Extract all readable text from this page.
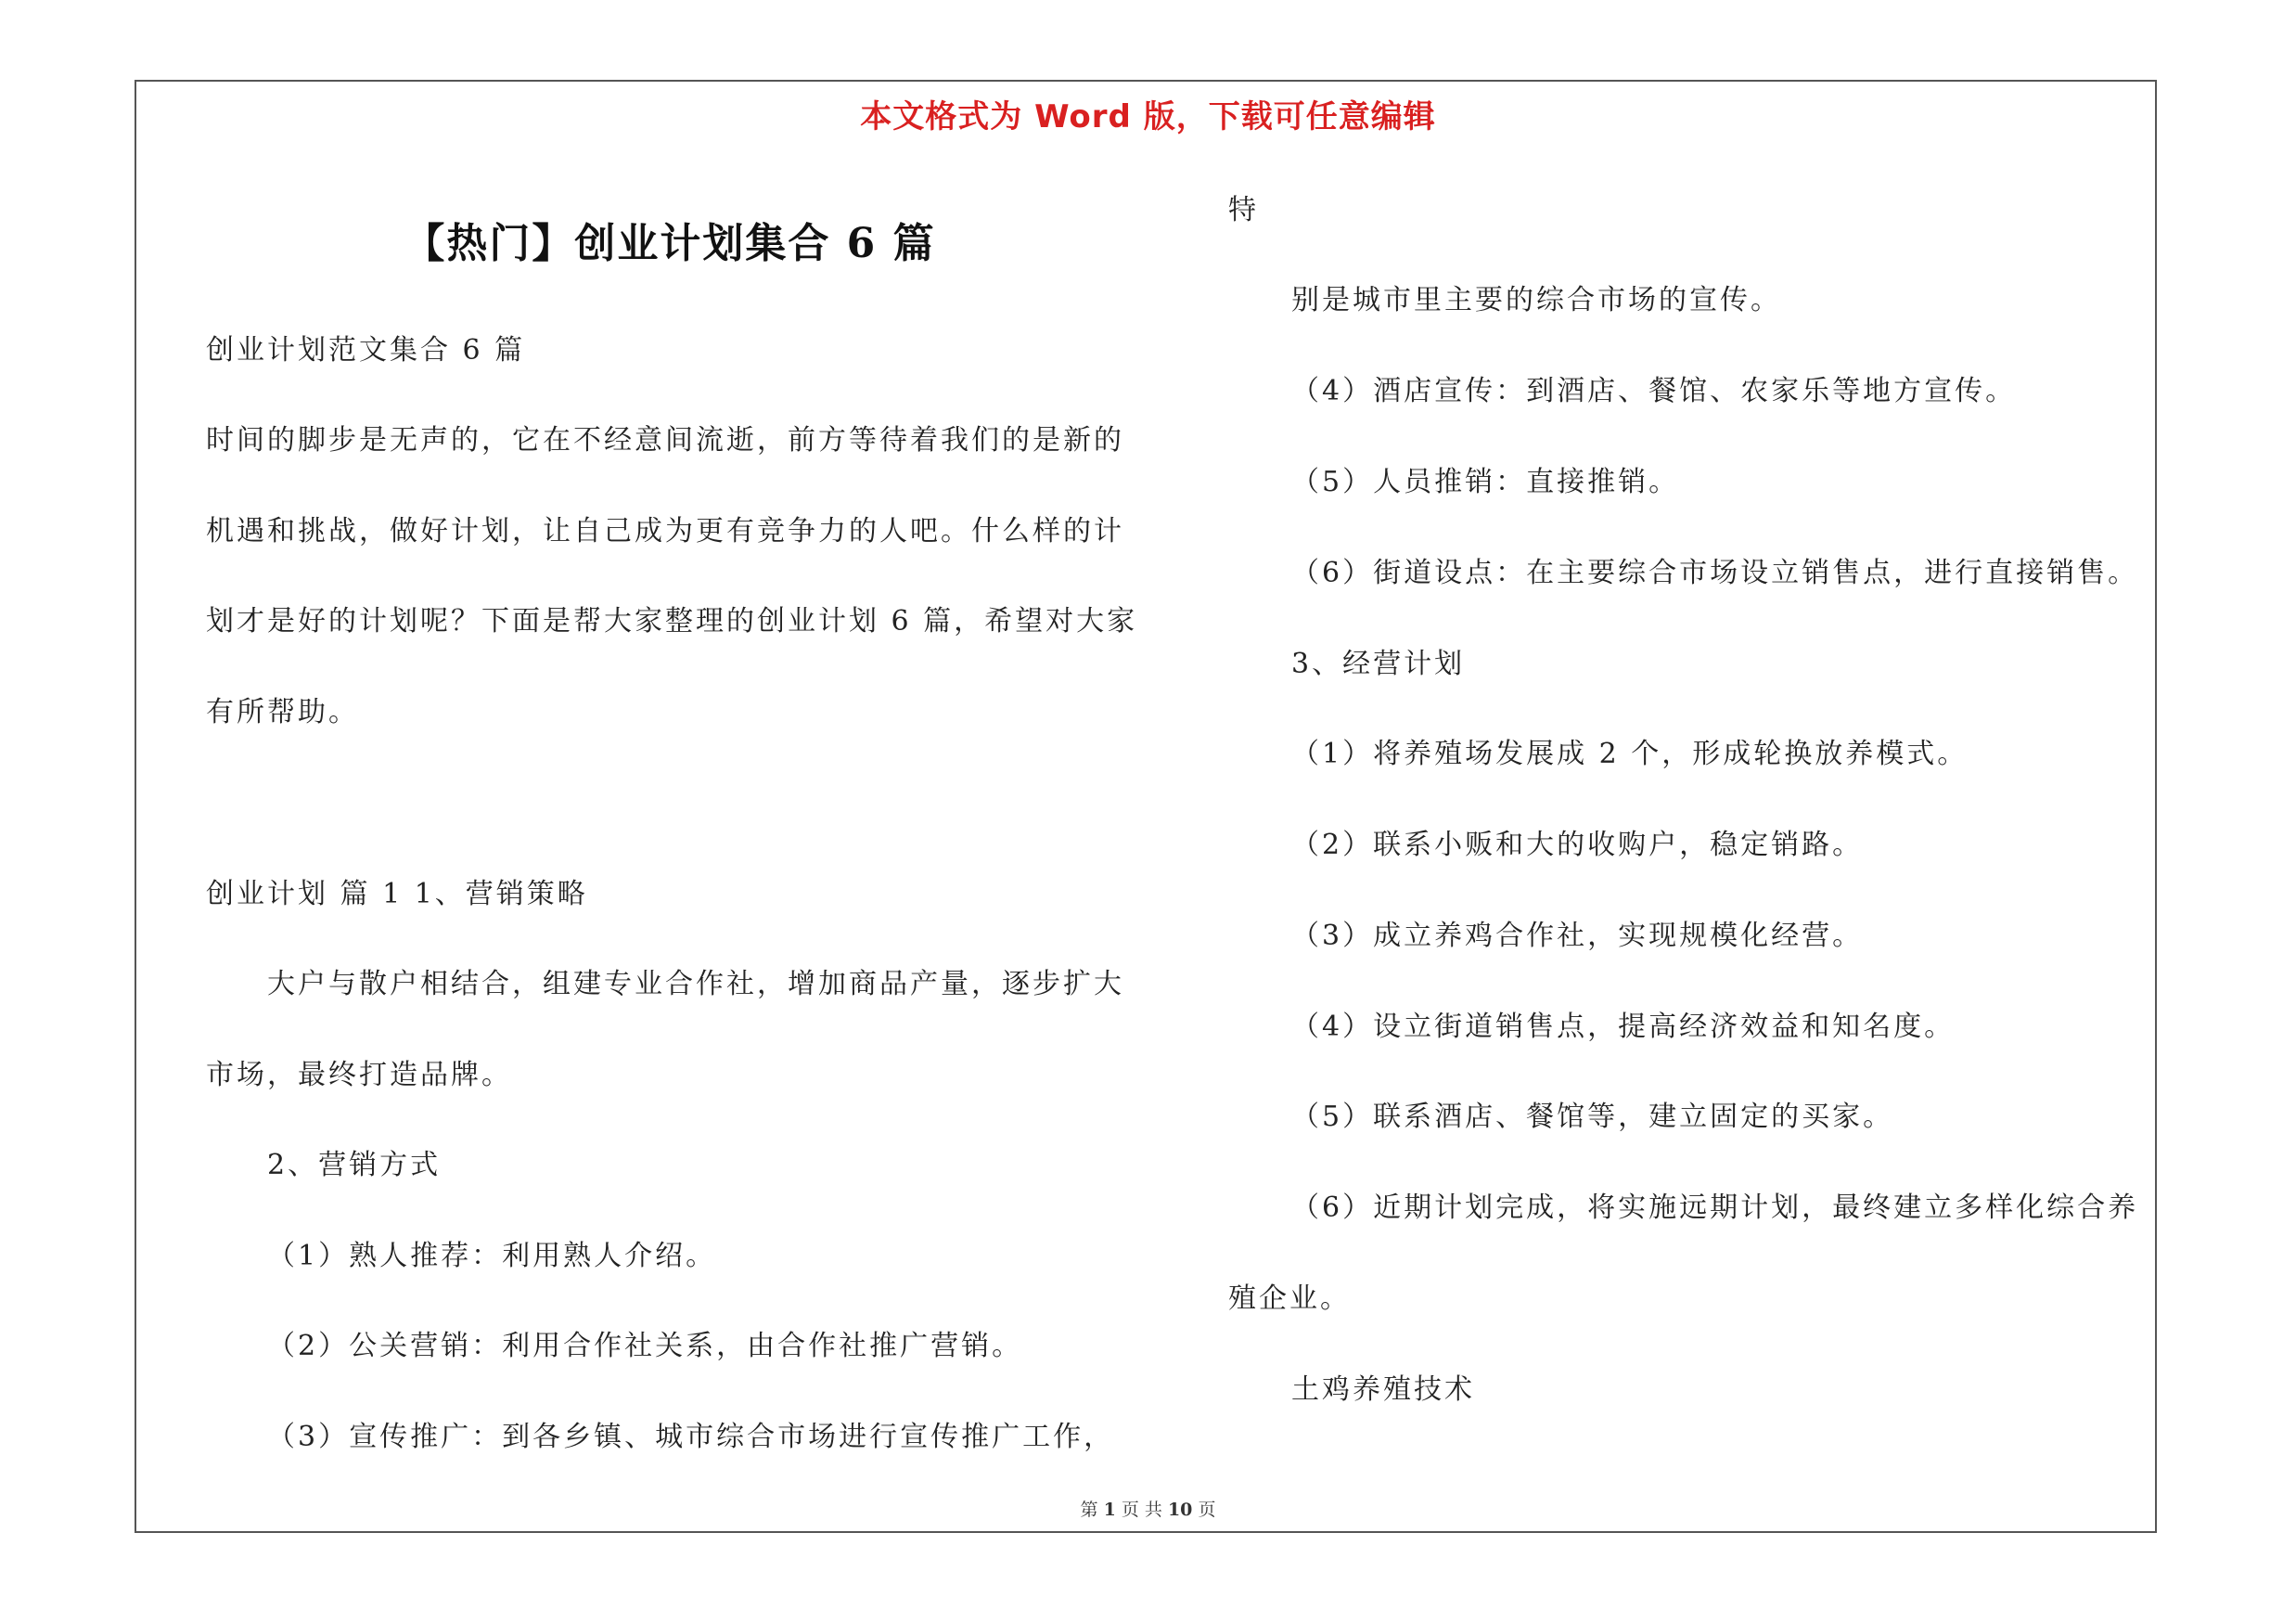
本文格式为 Word 版，下载可任意编辑
【热门】创业计划集合 6 篇
创业计划范文集合 6 篇
时间的脚步是无声的，它在不经意间流逝，前方等待着我们的是新的
机遇和挑战，做好计划，让自己成为更有竞争力的人吧。什么样的计
划才是好的计划呢？下面是帮大家整理的创业计划 6 篇，希望对大家
有所帮助。
创业计划 篇 1 1、营销策略
大户与散户相结合，组建专业合作社，增加商品产量，逐步扩大
市场，最终打造品牌。
2、营销方式
（1）熟人推荐：利用熟人介绍。
（2）公关营销：利用合作社关系，由合作社推广营销。
（3）宣传推广：到各乡镇、城市综合市场进行宣传推广工作，
特
别是城市里主要的综合市场的宣传。
（4）酒店宣传：到酒店、餐馆、农家乐等地方宣传。
（5）人员推销：直接推销。
（6）街道设点：在主要综合市场设立销售点，进行直接销售。
3、经营计划
（1）将养殖场发展成 2 个，形成轮换放养模式。
（2）联系小贩和大的收购户，稳定销路。
（3）成立养鸡合作社，实现规模化经营。
（4）设立街道销售点，提高经济效益和知名度。
（5）联系酒店、餐馆等，建立固定的买家。
（6）近期计划完成，将实施远期计划，最终建立多样化综合养
殖企业。
土鸡养殖技术
第 1 页 共 10 页
